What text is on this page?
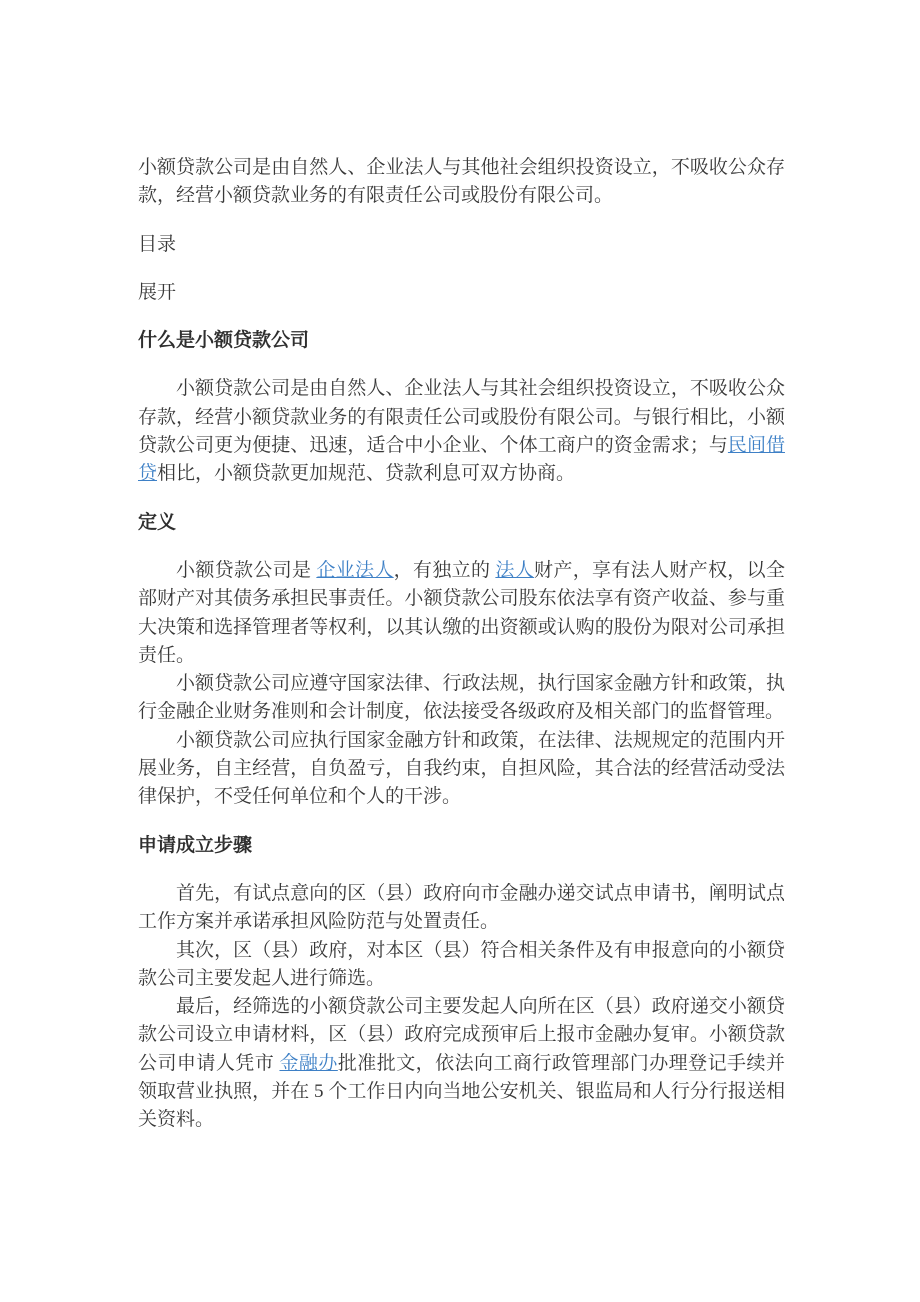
小额贷款公司是由自然人、企业法人与其他社会组织投资设立，不吸收公众存款，经营小额贷款业务的有限责任公司或股份有限公司。

目录

展开

什么是小额贷款公司

小额贷款公司是由自然人、企业法人与其社会组织投资设立，不吸收公众存款，经营小额贷款业务的有限责任公司或股份有限公司。与银行相比，小额贷款公司更为便捷、迅速，适合中小企业、个体工商户的资金需求；与民间借贷相比，小额贷款更加规范、贷款利息可双方协商。

定义

小额贷款公司是 企业法人，有独立的 法人财产，享有法人财产权，以全部财产对其债务承担民事责任。小额贷款公司股东依法享有资产收益、参与重大决策和选择管理者等权利，以其认缴的出资额或认购的股份为限对公司承担责任。

小额贷款公司应遵守国家法律、行政法规，执行国家金融方针和政策，执行金融企业财务准则和会计制度，依法接受各级政府及相关部门的监督管理。

小额贷款公司应执行国家金融方针和政策，在法律、法规规定的范围内开展业务，自主经营，自负盈亏，自我约束，自担风险，其合法的经营活动受法律保护，不受任何单位和个人的干涉。

申请成立步骤

首先，有试点意向的区（县）政府向市金融办递交试点申请书，阐明试点工作方案并承诺承担风险防范与处置责任。

其次，区（县）政府，对本区（县）符合相关条件及有申报意向的小额贷款公司主要发起人进行筛选。

最后，经筛选的小额贷款公司主要发起人向所在区（县）政府递交小额贷款公司设立申请材料，区（县）政府完成预审后上报市金融办复审。小额贷款公司申请人凭市 金融办批准批文，依法向工商行政管理部门办理登记手续并领取营业执照，并在 5 个工作日内向当地公安机关、银监局和人行分行报送相关资料。
